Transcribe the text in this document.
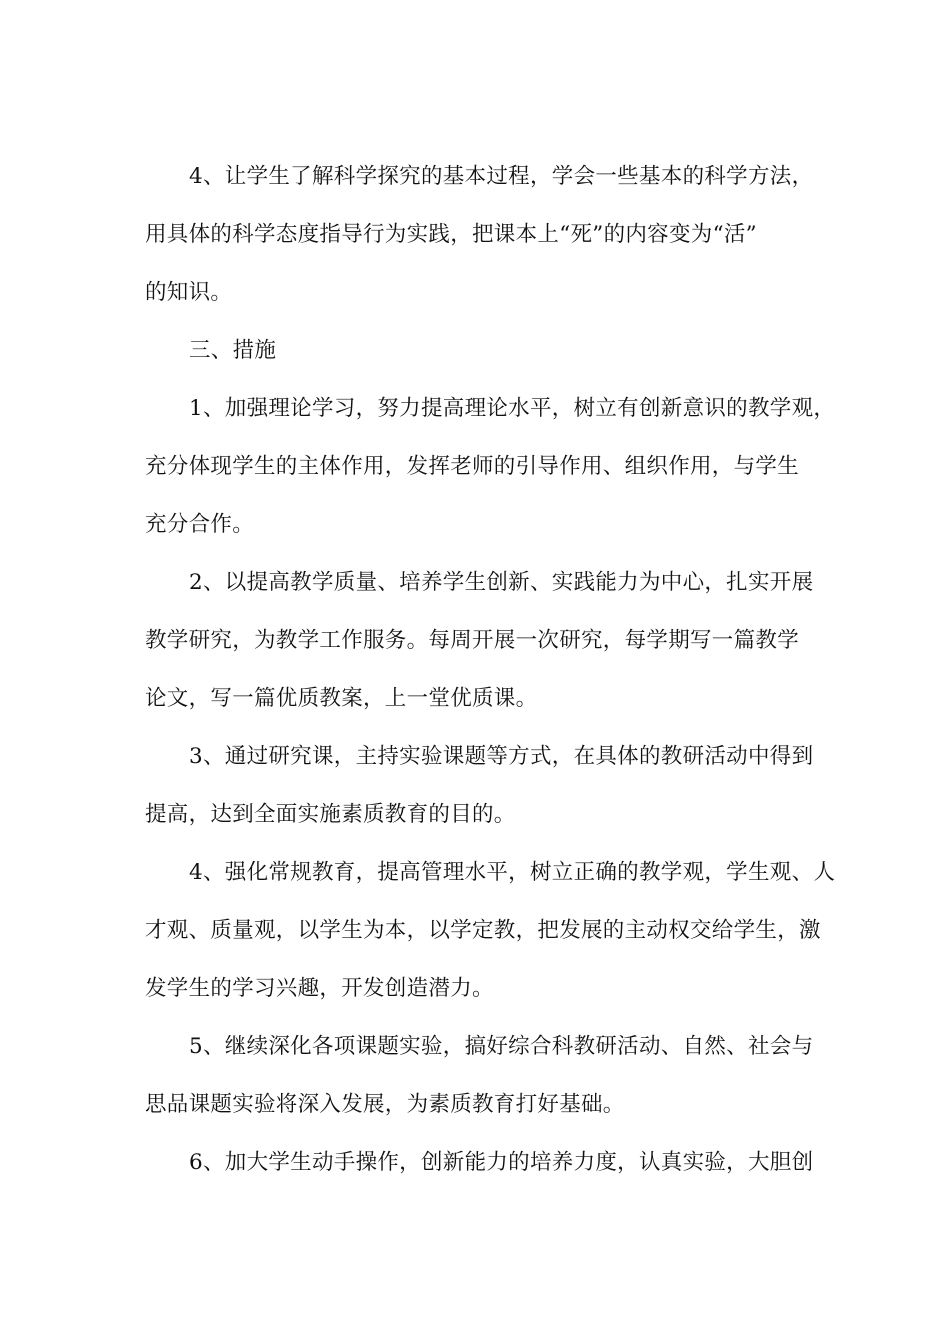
4、让学生了解科学探究的基本过程，学会一些基本的科学方法，
用具体的科学态度指导行为实践，把课本上“死”的内容变为“活”
的知识。
三、措施
1、加强理论学习，努力提高理论水平，树立有创新意识的教学观，
充分体现学生的主体作用，发挥老师的引导作用、组织作用，与学生
充分合作。
2、以提高教学质量、培养学生创新、实践能力为中心，扎实开展
教学研究，为教学工作服务。每周开展一次研究，每学期写一篇教学
论文，写一篇优质教案，上一堂优质课。
3、通过研究课，主持实验课题等方式，在具体的教研活动中得到
提高，达到全面实施素质教育的目的。
4、强化常规教育，提高管理水平，树立正确的教学观，学生观、人
才观、质量观，以学生为本，以学定教，把发展的主动权交给学生，激
发学生的学习兴趣，开发创造潜力。
5、继续深化各项课题实验，搞好综合科教研活动、自然、社会与
思品课题实验将深入发展，为素质教育打好基础。
6、加大学生动手操作，创新能力的培养力度，认真实验，大胆创
